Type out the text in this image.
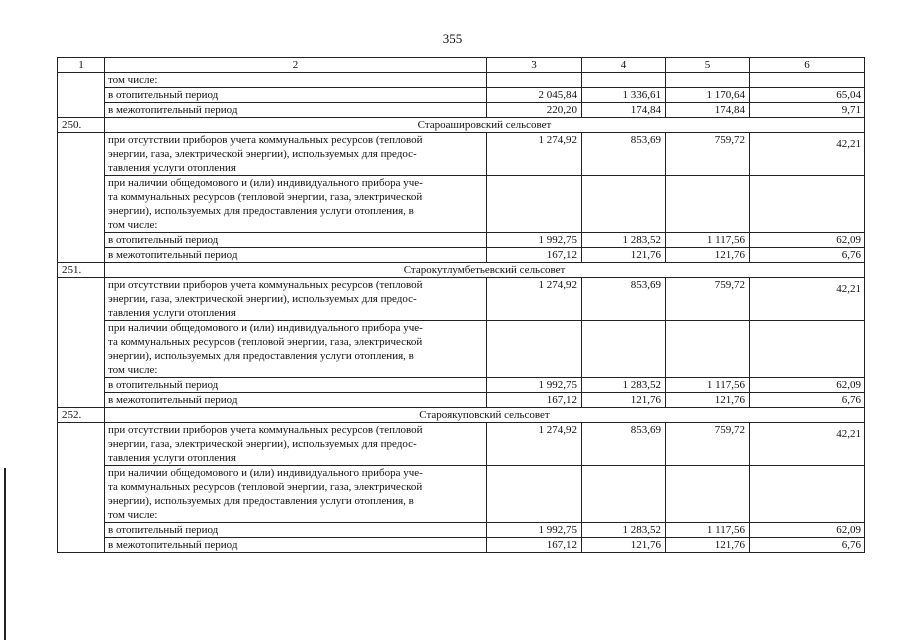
355
1	2	3	4	5	6
	том числе:				
	в отопительный период	2 045,84	1 336,61	1 170,64	65,04
	в межотопительный период	220,20	174,84	174,84	9,71
250.	Староашировский сельсовет				

	при отсутствии приборов учета коммунальных ресурсов (тепловой
энергии, газа, электрической энергии), используемых для предос-
тавления услуги отопления	1 274,92	853,69	759,72	42,21

	при наличии общедомового и (или) индивидуального прибора уче-
та коммунальных ресурсов (тепловой энергии, газа, электрической
энергии), используемых для предоставления услуги отопления, в
том числе:				

	в отопительный период	1 992,75	1 283,52	1 117,56	62,09
	в межотопительный период	167,12	121,76	121,76	6,76
251.	Старокутлумбетьевский сельсовет				

	при отсутствии приборов учета коммунальных ресурсов (тепловой
энергии, газа, электрической энергии), используемых для предос-
тавления услуги отопления	1 274,92	853,69	759,72	42,21

	при наличии общедомового и (или) индивидуального прибора уче-
та коммунальных ресурсов (тепловой энергии, газа, электрической
энергии), используемых для предоставления услуги отопления, в
том числе:				

	в отопительный период	1 992,75	1 283,52	1 117,56	62,09
	в межотопительный период	167,12	121,76	121,76	6,76
252.	Староякуповский сельсовет				

	при отсутствии приборов учета коммунальных ресурсов (тепловой
энергии, газа, электрической энергии), используемых для предос-
тавления услуги отопления	1 274,92	853,69	759,72	42,21

	при наличии общедомового и (или) индивидуального прибора уче-
та коммунальных ресурсов (тепловой энергии, газа, электрической
энергии), используемых для предоставления услуги отопления, в
том числе:				

	в отопительный период	1 992,75	1 283,52	1 117,56	62,09
	в межотопительный период	167,12	121,76	121,76	6,76
